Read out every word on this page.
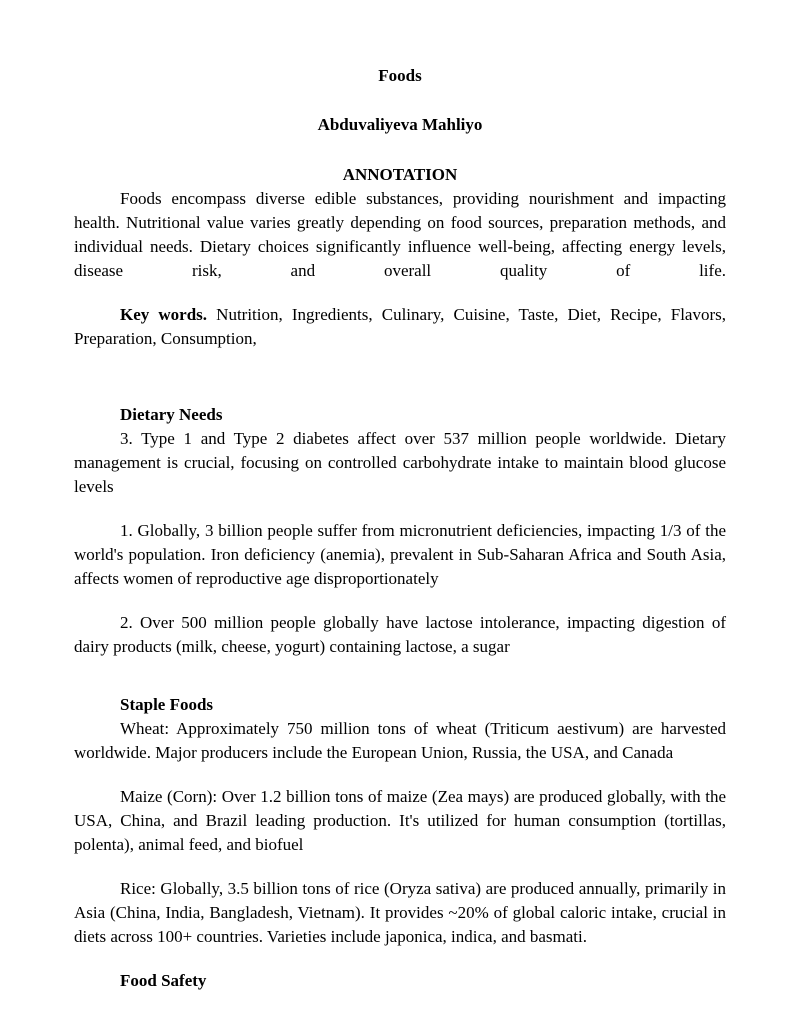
Foods
Abduvaliyeva Mahliyo
ANNOTATION

Foods encompass diverse edible substances, providing nourishment and impacting health. Nutritional value varies greatly depending on food sources, preparation methods, and individual needs. Dietary choices significantly influence well-being, affecting energy levels, disease risk, and overall quality of life.

Key words. Nutrition, Ingredients, Culinary, Cuisine, Taste, Diet, Recipe, Flavors, Preparation, Consumption,

Dietary Needs

3. Type 1 and Type 2 diabetes affect over 537 million people worldwide. Dietary management is crucial, focusing on controlled carbohydrate intake to maintain blood glucose levels

1. Globally, 3 billion people suffer from micronutrient deficiencies, impacting 1/3 of the world's population. Iron deficiency (anemia), prevalent in Sub-Saharan Africa and South Asia, affects women of reproductive age disproportionately

2. Over 500 million people globally have lactose intolerance, impacting digestion of dairy products (milk, cheese, yogurt) containing lactose, a sugar

Staple Foods

Wheat: Approximately 750 million tons of wheat (Triticum aestivum) are harvested worldwide. Major producers include the European Union, Russia, the USA, and Canada

Maize (Corn): Over 1.2 billion tons of maize (Zea mays) are produced globally, with the USA, China, and Brazil leading production. It's utilized for human consumption (tortillas, polenta), animal feed, and biofuel

Rice: Globally, 3.5 billion tons of rice (Oryza sativa) are produced annually, primarily in Asia (China, India, Bangladesh, Vietnam). It provides ~20% of global caloric intake, crucial in diets across 100+ countries. Varieties include japonica, indica, and basmati.

Food Safety
